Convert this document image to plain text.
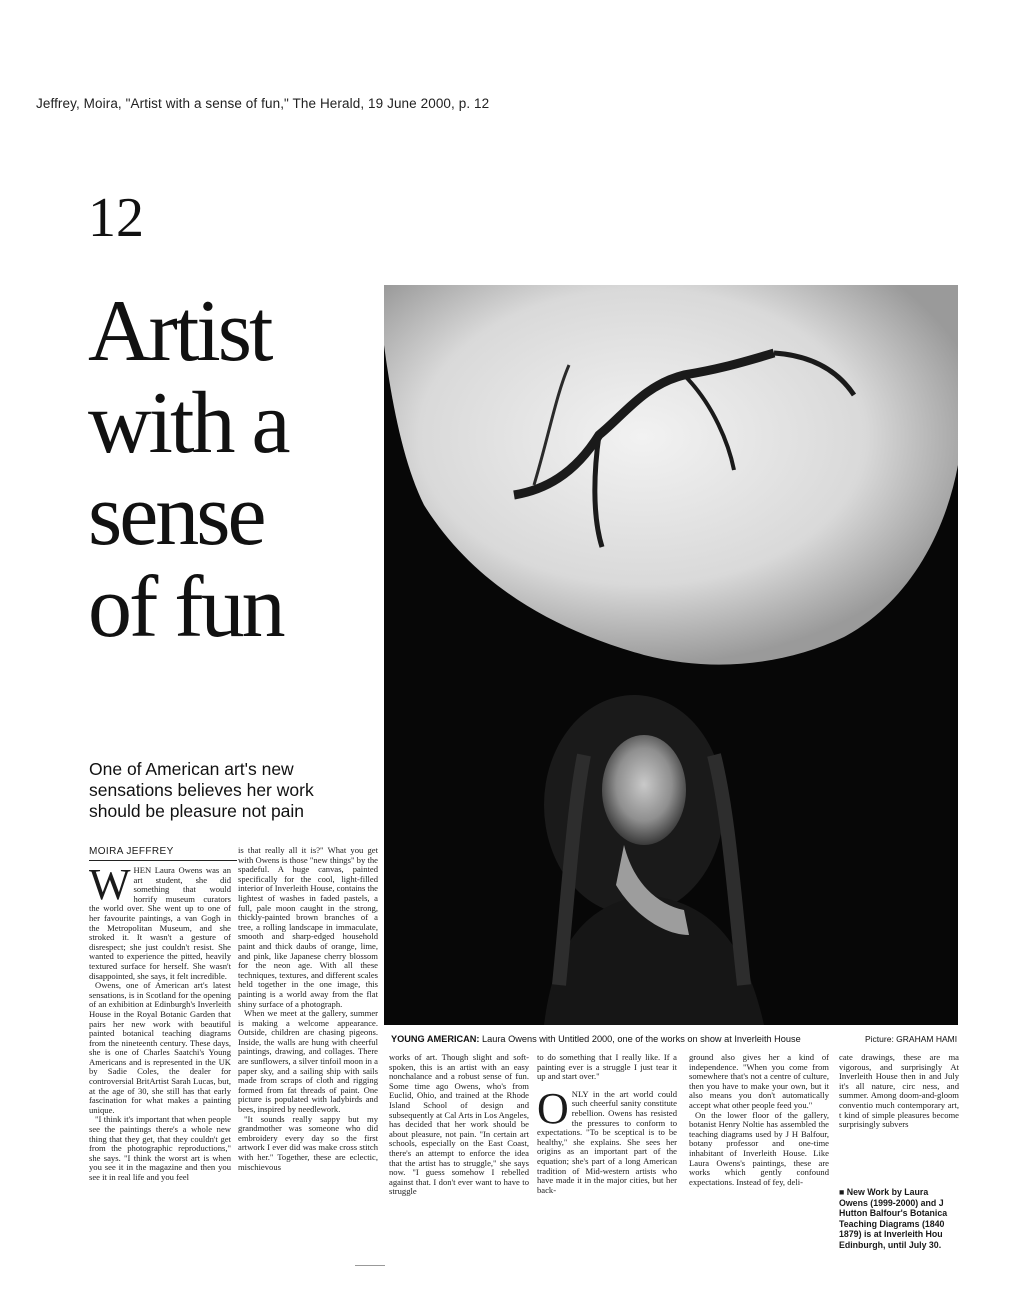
Jeffrey, Moira, "Artist with a sense of fun," The Herald, 19 June 2000, p. 12
12
Artist
with a
sense
of fun

One of American art's new sensations believes her work should be pleasure not pain

MOIRA JEFFREY

WHEN Laura Owens was an art student, she did something that would horrify museum curators the world over. She went up to one of her favourite paintings, a van Gogh in the Metropolitan Museum, and she stroked it. It wasn't a gesture of disrespect; she just couldn't resist. She wanted to experience the pitted, heavily textured surface for herself. She wasn't disappointed, she says, it felt incredible.

Owens, one of American art's latest sensations, is in Scotland for the opening of an exhibition at Edinburgh's Inverleith House in the Royal Botanic Garden that pairs her new work with beautiful painted botanical teaching diagrams from the nineteenth century. These days, she is one of Charles Saatchi's Young Americans and is represented in the UK by Sadie Coles, the dealer for controversial BritArtist Sarah Lucas, but, at the age of 30, she still has that early fascination for what makes a painting unique.

"I think it's important that when people see the paintings there's a whole new thing that they get, that they couldn't get from the photographic reproductions," she says. "I think the worst art is when you see it in the magazine and then you see it in real life and you feel

is that really all it is?" What you get with Owens is those "new things" by the spadeful. A huge canvas, painted specifically for the cool, light-filled interior of Inverleith House, contains the lightest of washes in faded pastels, a full, pale moon caught in the strong, thickly-painted brown branches of a tree, a rolling landscape in immaculate, smooth and sharp-edged household paint and thick daubs of orange, lime, and pink, like Japanese cherry blossom for the neon age. With all these techniques, textures, and different scales held together in the one image, this painting is a world away from the flat shiny surface of a photograph.

When we meet at the gallery, summer is making a welcome appearance. Outside, children are chasing pigeons. Inside, the walls are hung with cheerful paintings, drawing, and collages. There are sunflowers, a silver tinfoil moon in a paper sky, and a sailing ship with sails made from scraps of cloth and rigging formed from fat threads of paint. One picture is populated with ladybirds and bees, inspired by needlework.

"It sounds really sappy but my grandmother was someone who did embroidery every day so the first artwork I ever did was make cross stitch with her." Together, these are eclectic, mischievous

YOUNG AMERICAN: Laura Owens with Untitled 2000, one of the works on show at Inverleith House	Picture: GRAHAM HAMI

works of art. Though slight and soft-spoken, this is an artist with an easy nonchalance and a robust sense of fun. Some time ago Owens, who's from Euclid, Ohio, and trained at the Rhode Island School of design and subsequently at Cal Arts in Los Angeles, has decided that her work should be about pleasure, not pain. "In certain art schools, especially on the East Coast, there's an attempt to enforce the idea that the artist has to struggle," she says now. "I guess somehow I rebelled against that. I don't ever want to have to struggle

to do something that I really like. If a painting ever is a struggle I just tear it up and start over."

ONLY in the art world could such cheerful sanity constitute rebellion. Owens has resisted the pressures to conform to expectations. "To be sceptical is to be healthy," she explains. She sees her origins as an important part of the equation; she's part of a long American tradition of Mid-western artists who have made it in the major cities, but her back-

ground also gives her a kind of independence. "When you come from somewhere that's not a centre of culture, then you have to make your own, but it also means you don't automatically accept what other people feed you."

On the lower floor of the gallery, botanist Henry Noltie has assembled the teaching diagrams used by J H Balfour, botany professor and one-time inhabitant of Inverleith House. Like Laura Owens's paintings, these are works which gently confound expectations. Instead of fey, deli-

cate drawings, these are ma vigorous, and surprisingly At Inverleith House then in and July it's all nature, circ ness, and summer. Among doom-and-gloom conventio much contemporary art, t kind of simple pleasures become surprisingly subvers

■ New Work by Laura Owens (1999-2000) and J Hutton Balfour's Botanica Teaching Diagrams (1840 1879) is at Inverleith Hou Edinburgh, until July 30.
